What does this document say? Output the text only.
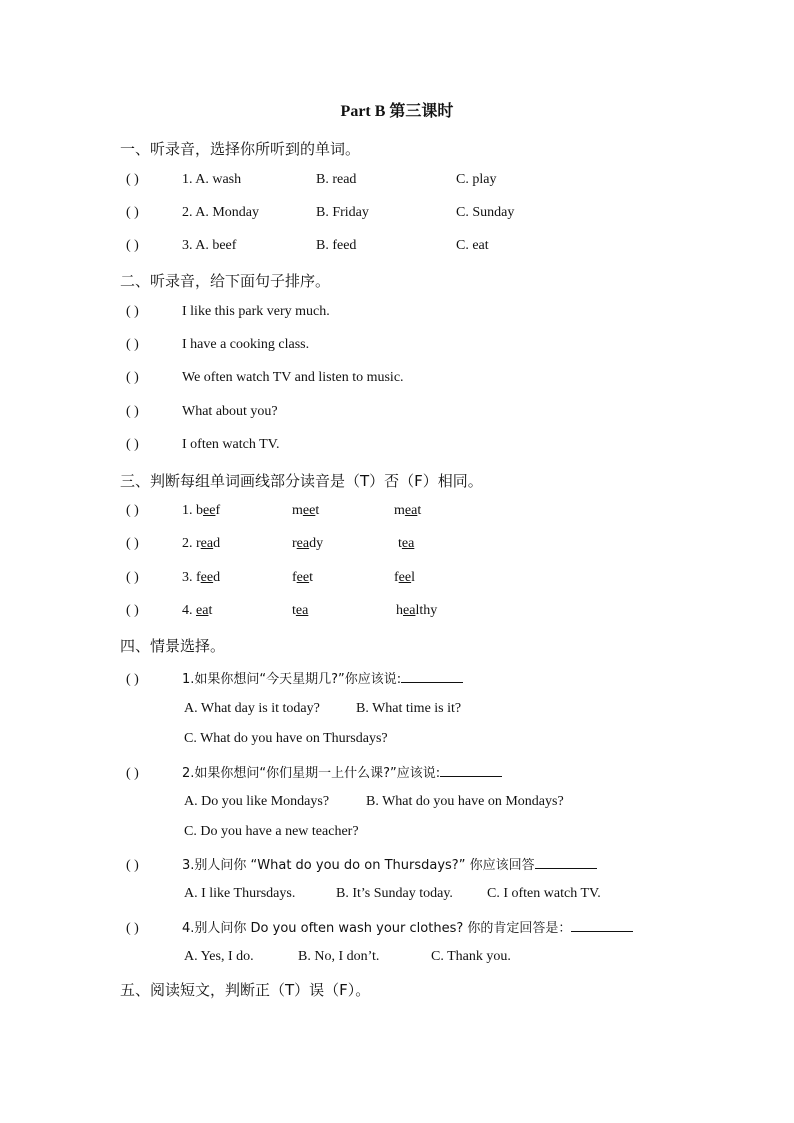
Part B 第三课时
一、听录音，选择你所听到的单词。
( )	1. A. wash	B. read	C. play
( )	2. A. Monday	B. Friday	C. Sunday
( )	3. A. beef	B. feed	C. eat
二、听录音，给下面句子排序。
( )	I like this park very much.
( )	I have a cooking class.
( )	We often watch TV and listen to music.
( )	What about you?
( )	I often watch TV.
三、判断每组单词画线部分读音是（T）否（F）相同。
( )	1. beef	meet	meat
( )	2. read	ready	tea
( )	3. feed	feet	feel
( )	4. eat	tea	healthy
四、情景选择。
( )	1.如果你想问“今天星期几?”你应该说:
A. What day is it today?	B. What time is it?
C. What do you have on Thursdays?
( )	2.如果你想问“你们星期一上什么课?”应该说:
A. Do you like Mondays?	B. What do you have on Mondays?
C. Do you have a new teacher?
( )	3.别人问你 “What do you do on Thursdays?” 你应该回答
A. I like Thursdays.	B. It’s Sunday today. C. I often watch TV.
( )	4.别人问你 Do you often wash your clothes? 你的肯定回答是：
A. Yes, I do.	B. No, I don’t.	C. Thank you.
五、阅读短文，判断正（T）误（F）。
